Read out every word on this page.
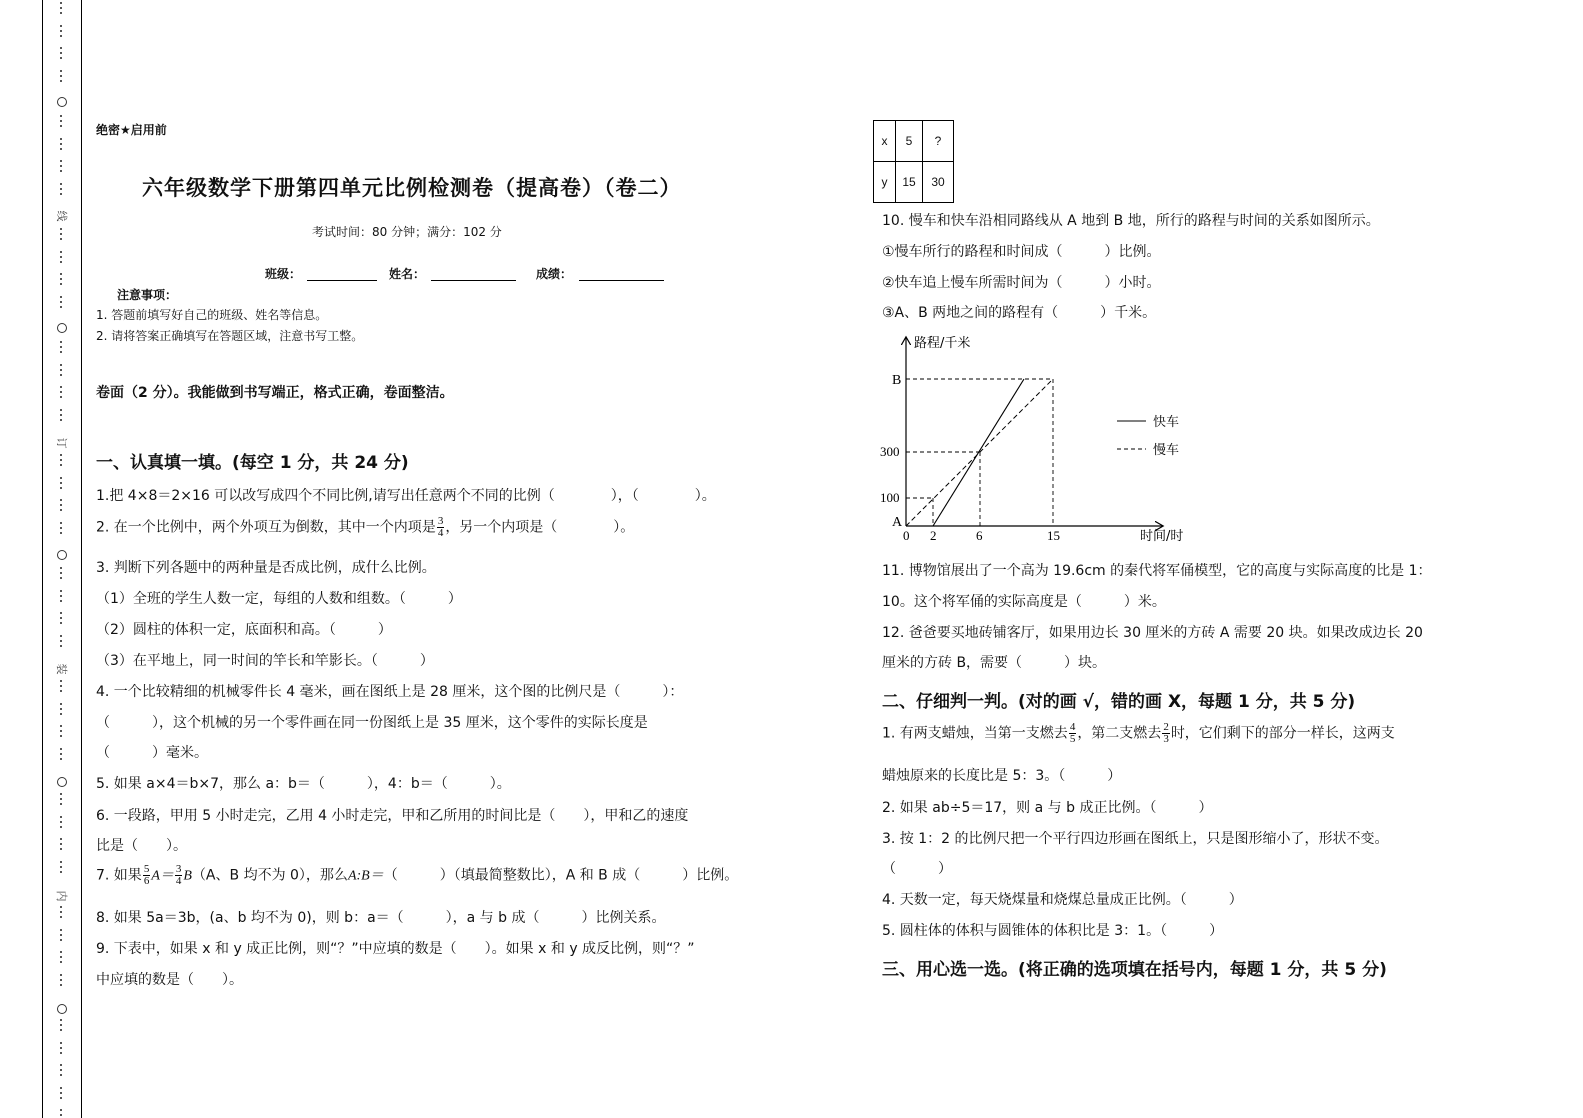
线
订
装
内
绝密★启用前
六年级数学下册第四单元比例检测卷（提高卷）（卷二）
考试时间：80 分钟；满分：102 分
班级：	姓名：	成绩：
注意事项：
1. 答题前填写好自己的班级、姓名等信息。
2. 请将答案正确填写在答题区域，注意书写工整。
卷面（2 分）。我能做到书写端正，格式正确，卷面整洁。
一、认真填一填。(每空 1 分，共 24 分)
1.把 4×8＝2×16 可以改写成四个不同比例,请写出任意两个不同的比例（　　　　），（　　　　）。
2. 在一个比例中，两个外项互为倒数，其中一个内项是 $\frac{3}{4}$ ，另一个内项是（　　　　）。
3. 判断下列各题中的两种量是否成比例，成什么比例。
（1）全班的学生人数一定，每组的人数和组数。（　　　）
（2）圆柱的体积一定，底面积和高。（　　　）
（3）在平地上，同一时间的竿长和竿影长。（　　　）
4. 一个比较精细的机械零件长 4 毫米，画在图纸上是 28 厘米，这个图的比例尺是（　　　）：
（　　　），这个机械的另一个零件画在同一份图纸上是 35 厘米，这个零件的实际长度是
（　　　）毫米。
5. 如果 a×4＝b×7，那么 a：b＝（　　　），4：b＝（　　　）。
6. 一段路，甲用 5 小时走完，乙用 4 小时走完，甲和乙所用的时间比是（　　），甲和乙的速度
比是（　　）。
7. 如果 $\frac{5}{6} A= \frac{3}{4} B(A$、B 均不为 0），那么A:B＝（　　　）（填最简整数比），A 和 B 成（　　　）比例。
8. 如果 5a＝3b，(a、b 均不为 0)，则 b：a＝（　　　），a 与 b 成（　　　）比例关系。
9. 下表中，如果 x 和 y 成正比例，则“？”中应填的数是（　　）。如果 x 和 y 成反比例，则“？”
中应填的数是（　　）。
x	5	?
y	15	30
10. 慢车和快车沿相同路线从 A 地到 B 地，所行的路程与时间的关系如图所示。
①慢车所行的路程和时间成（　　　）比例。
②快车追上慢车所需时间为（　　　）小时。
③A、B 两地之间的路程有（　　　）千米。
B
300
100
A
0 2	6	15
路程/千米
时间/时
快车
慢车
11. 博物馆展出了一个高为 19.6cm 的秦代将军俑模型，它的高度与实际高度的比是 1：
10。这个将军俑的实际高度是（　　　）米。
12. 爸爸要买地砖铺客厅，如果用边长 30 厘米的方砖 A 需要 20 块。如果改成边长 20
厘米的方砖 B，需要（　　　）块。
二、仔细判一判。(对的画 √，错的画 X，每题 1 分，共 5 分)
1. 有两支蜡烛，当第一支燃去 $\frac{4}{5}$ ，第二支燃去 $\frac{2}{3}$ 时，它们剩下的部分一样长，这两支
蜡烛原来的长度比是 5：3。（　　　）
2. 如果 ab÷5＝17，则 a 与 b 成正比例。（　　　）
3. 按 1：2 的比例尺把一个平行四边形画在图纸上，只是图形缩小了，形状不变。
（　　　）
4. 天数一定，每天烧煤量和烧煤总量成正比例。（　　　）
5. 圆柱体的体积与圆锥体的体积比是 3：1。（　　　）
三、用心选一选。(将正确的选项填在括号内，每题 1 分，共 5 分)
